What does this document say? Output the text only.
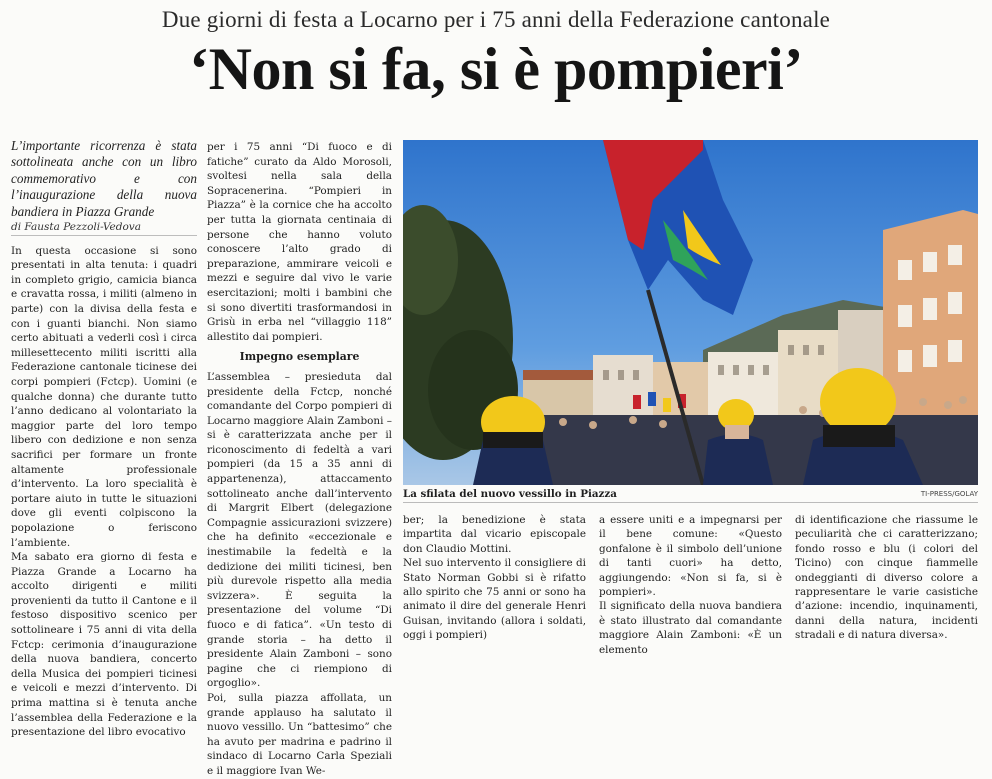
Due giorni di festa a Locarno per i 75 anni della Federazione cantonale
‘Non si fa, si è pompieri’

L’importante ricorrenza è stata sottolineata anche con un libro commemorativo e con l’inaugurazione della nuova bandiera in Piazza Grande

di Fausta Pezzoli-Vedova

In questa occasione si sono presentati in alta tenuta: i quadri in completo grigio, camicia bianca e cravatta rossa, i militi (almeno in parte) con la divisa della festa e con i guanti bianchi. Non siamo certo abituati a vederli così i circa millesettecento militi iscritti alla Federazione cantonale ticinese dei corpi pompieri (Fctcp). Uomini (e qualche donna) che durante tutto l’anno dedicano al volontariato la maggior parte del loro tempo libero con dedizione e non senza sacrifici per formare un fronte altamente professionale d’intervento. La loro specialità è portare aiuto in tutte le situazioni dove gli eventi colpiscono la popolazione o feriscono l’ambiente.

Ma sabato era giorno di festa e Piazza Grande a Locarno ha accolto dirigenti e militi provenienti da tutto il Cantone e il festoso dispositivo scenico per sottolineare i 75 anni di vita della Fctcp: cerimonia d’inaugurazione della nuova bandiera, concerto della Musica dei pompieri ticinesi e veicoli e mezzi d’intervento. Di prima mattina si è tenuta anche l’assemblea della Federazione e la presentazione del libro evocativo

per i 75 anni “Di fuoco e di fatiche” curato da Aldo Morosoli, svoltesi nella sala della Sopracenerina. “Pompieri in Piazza” è la cornice che ha accolto per tutta la giornata centinaia di persone che hanno voluto conoscere l’alto grado di preparazione, ammirare veicoli e mezzi e seguire dal vivo le varie esercitazioni; molti i bambini che si sono divertiti trasformandosi in Grisù in erba nel “villaggio 118” allestito dai pompieri.

Impegno esemplare

L’assemblea – presieduta dal presidente della Fctcp, nonché comandante del Corpo pompieri di Locarno maggiore Alain Zamboni – si è caratterizzata anche per il riconoscimento di fedeltà a vari pompieri (da 15 a 35 anni di appartenenza), attaccamento sottolineato anche dall’intervento di Margrit Elbert (delegazione Compagnie assicurazioni svizzere) che ha definito «eccezionale e inestimabile la fedeltà e la dedizione dei militi ticinesi, ben più durevole rispetto alla media svizzera». È seguita la presentazione del volume “Di fuoco e di fatica”. «Un testo di grande storia – ha detto il presidente Alain Zamboni – sono pagine che ci riempiono di orgoglio».

Poi, sulla piazza affollata, un grande applauso ha salutato il nuovo vessillo. Un “battesimo” che ha avuto per madrina e padrino il sindaco di Locarno Carla Speziali e il maggiore Ivan We-

La sfilata del nuovo vessillo in Piazza	TI-PRESS/GOLAY

ber; la benedizione è stata impartita dal vicario episcopale don Claudio Mottini.

Nel suo intervento il consigliere di Stato Norman Gobbi si è rifatto allo spirito che 75 anni or sono ha animato il dire del generale Henri Guisan, invitando (allora i soldati, oggi i pompieri)

a essere uniti e a impegnarsi per il bene comune: «Questo gonfalone è il simbolo dell’unione di tanti cuori» ha detto, aggiungendo: «Non si fa, si è pompieri».

Il significato della nuova bandiera è stato illustrato dal comandante maggiore Alain Zamboni: «È un elemento

di identificazione che riassume le peculiarità che ci caratterizzano; fondo rosso e blu (i colori del Ticino) con cinque fiammelle ondeggianti di diverso colore a rappresentare le varie casistiche d’azione: incendio, inquinamenti, danni della natura, incidenti stradali e di natura diversa».
